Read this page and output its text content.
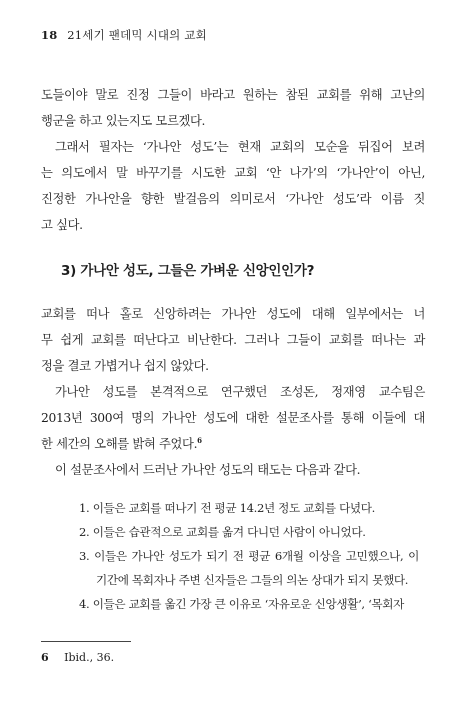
18 21세기 팬데믹 시대의 교회
도들이야 말로 진정 그들이 바라고 원하는 참된 교회를 위해 고난의
행군을 하고 있는지도 모르겠다.
그래서 필자는 ‘가나안 성도’는 현재 교회의 모순을 뒤집어 보려
는 의도에서 말 바꾸기를 시도한 교회 ‘안 나가’의 ‘가나안’이 아닌,
진정한 가나안을 향한 발걸음의 의미로서 ‘가나안 성도’라 이름 짓
고 싶다.
3) 가나안 성도, 그들은 가벼운 신앙인인가?
교회를 떠나 홀로 신앙하려는 가나안 성도에 대해 일부에서는 너
무 쉽게 교회를 떠난다고 비난한다. 그러나 그들이 교회를 떠나는 과
정을 결코 가볍거나 쉽지 않았다.
가나안 성도를 본격적으로 연구했던 조성돈, 정재영 교수팀은
2013년 300여 명의 가나안 성도에 대한 설문조사를 통해 이들에 대
한 세간의 오해를 밝혀 주었다.$^6$
이 설문조사에서 드러난 가나안 성도의 태도는 다음과 같다.
1. 이들은 교회를 떠나기 전 평균 14.2년 정도 교회를 다녔다.
2. 이들은 습관적으로 교회를 옮겨 다니던 사람이 아니었다.
3. 이들은 가나안 성도가 되기 전 평균 6개월 이상을 고민했으나, 이
기간에 목회자나 주변 신자들은 그들의 의논 상대가 되지 못했다.
4. 이들은 교회를 옮긴 가장 큰 이유로 ‘자유로운 신앙생활’, ‘목회자
6 Ibid., 36.
